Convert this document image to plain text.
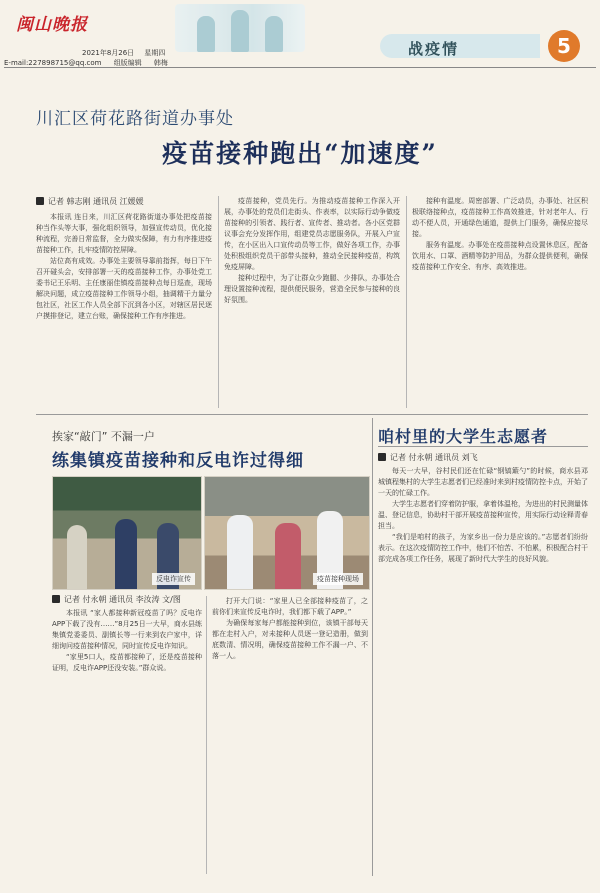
闽山晚报
战疫情	5
2021年8月26日 星期四
E-mail:227898715@qq.com 组版编辑 韩梅
川汇区荷花路街道办事处
疫苗接种跑出“加速度”
记者 韩志刚 通讯员 江媛媛

本报讯 连日来，川汇区荷花路街道办事处把疫苗接种当作头等大事，强化组织领导，加强宣传动员，优化接种流程，完善日常监督，全力做实保障，有力有序推进疫苗接种工作，扎牢疫情防控屏障。

站位高有成效。办事处主要领导靠前指挥，每日下午召开碰头会，安排部署一天的疫苗接种工作，办事处党工委书记王乐明、主任康丽佳镇疫苗接种点每日巡查，现场解决问题，成立疫苗接种工作领导小组，抽调精干力量分包社区，社区工作人员全部下沉到各小区，对辖区居民逐户摸排登记，建立台账，确保接种工作有序推进。

疫苗接种，党员先行。为推动疫苗接种工作深入开展，办事处的党员们走街头、作表率，以实际行动争做疫苗接种的引领者、践行者、宣传者、推动者。各小区党群议事会充分发挥作用，组建党员志愿服务队，开展入户宣传，在小区出入口宣传动员等工作，做好各项工作，办事处积极组织党员干部带头接种，推动全民接种疫苗，构筑免疫屏障。

接种过程中，为了让群众少跑腿、少排队，办事处合理设置接种流程，提供便民服务，营造全民参与接种的良好氛围。

接种有温度。周密部署、广泛动员，办事处、社区积极联络接种点，疫苗接种工作高效推进，针对老年人、行动不便人员，开通绿色通道，提供上门服务，确保应接尽接。

服务有温度。办事处在疫苗接种点设置休息区，配备饮用水、口罩、酒精等防护用品，为群众提供便利，确保疫苗接种工作安全、有序、高效推进。

挨家“敲门” 不漏一户
练集镇疫苗接种和反电诈过得细
反电诈宣传	疫苗接种现场
记者 付永朝 通讯员 李汝涛 文/图

本报讯 “家人都接种新冠疫苗了吗？反电诈APP下载了没有……”8月25日一大早，商水县练集镇党委委员、副镇长等一行来到农户家中，详细询问疫苗接种情况，同时宣传反电诈知识。

“家里5口人，疫苗都接种了，还是疫苗接种证明，反电诈APP还没安装。”群众说。

打开大门说：“家里人已全部接种疫苗了，之前你们来宣传反电诈时，我们都下载了APP。”

为确保每家每户都能接种到位，该镇干部每天都在走村入户，对未接种人员逐一登记造册，做到底数清、情况明，确保疫苗接种工作不漏一户、不落一人。

咱村里的大学生志愿者
记者 付永朝 通讯员 刘飞

每天一大早，谷村民们还在忙碌“钢镐簸勺”的时候，商水县邓城镇程集村的大学生志愿者们已经准时来到村疫情防控卡点，开始了一天的忙碌工作。

大学生志愿者们穿着防护服，拿着体温枪，为进出的村民测量体温、登记信息，协助村干部开展疫苗接种宣传，用实际行动诠释青春担当。

“我们是咱村的孩子，为家乡出一份力是应该的。”志愿者们纷纷表示。在这次疫情防控工作中，他们不怕苦、不怕累，积极配合村干部完成各项工作任务，展现了新时代大学生的良好风貌。
